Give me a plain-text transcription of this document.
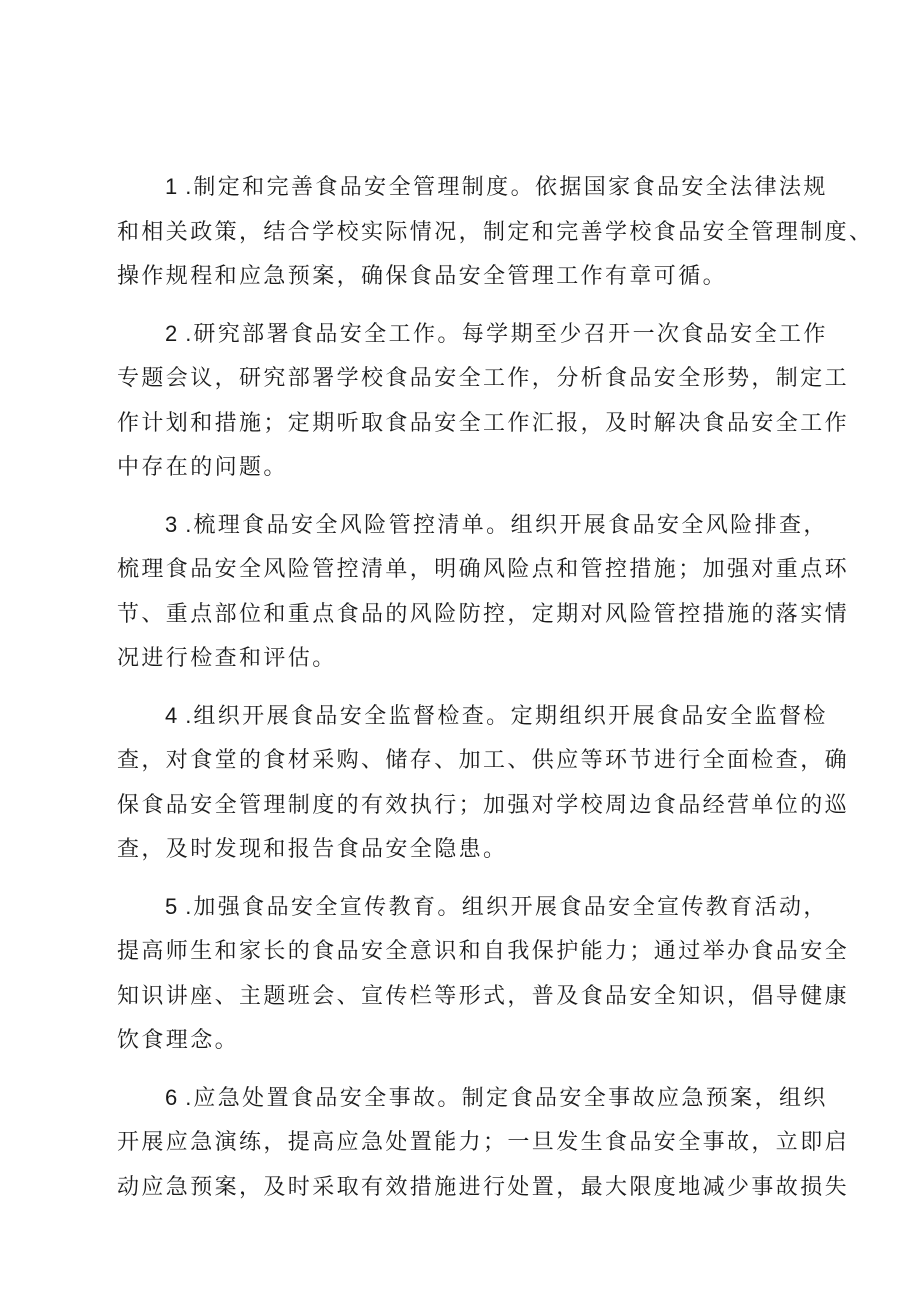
1 .制定和完善食品安全管理制度。依据国家食品安全法律法规
和相关政策，结合学校实际情况，制定和完善学校食品安全管理制度、
操作规程和应急预案，确保食品安全管理工作有章可循。
2 .研究部署食品安全工作。每学期至少召开一次食品安全工作
专题会议，研究部署学校食品安全工作，分析食品安全形势，制定工
作计划和措施；定期听取食品安全工作汇报，及时解决食品安全工作
中存在的问题。
3 .梳理食品安全风险管控清单。组织开展食品安全风险排查，
梳理食品安全风险管控清单，明确风险点和管控措施；加强对重点环
节、重点部位和重点食品的风险防控，定期对风险管控措施的落实情
况进行检查和评估。
4 .组织开展食品安全监督检查。定期组织开展食品安全监督检
查，对食堂的食材采购、储存、加工、供应等环节进行全面检查，确
保食品安全管理制度的有效执行；加强对学校周边食品经营单位的巡
查，及时发现和报告食品安全隐患。
5 .加强食品安全宣传教育。组织开展食品安全宣传教育活动，
提高师生和家长的食品安全意识和自我保护能力；通过举办食品安全
知识讲座、主题班会、宣传栏等形式，普及食品安全知识，倡导健康
饮食理念。
6 .应急处置食品安全事故。制定食品安全事故应急预案，组织
开展应急演练，提高应急处置能力；一旦发生食品安全事故，立即启
动应急预案，及时采取有效措施进行处置，最大限度地减少事故损失
